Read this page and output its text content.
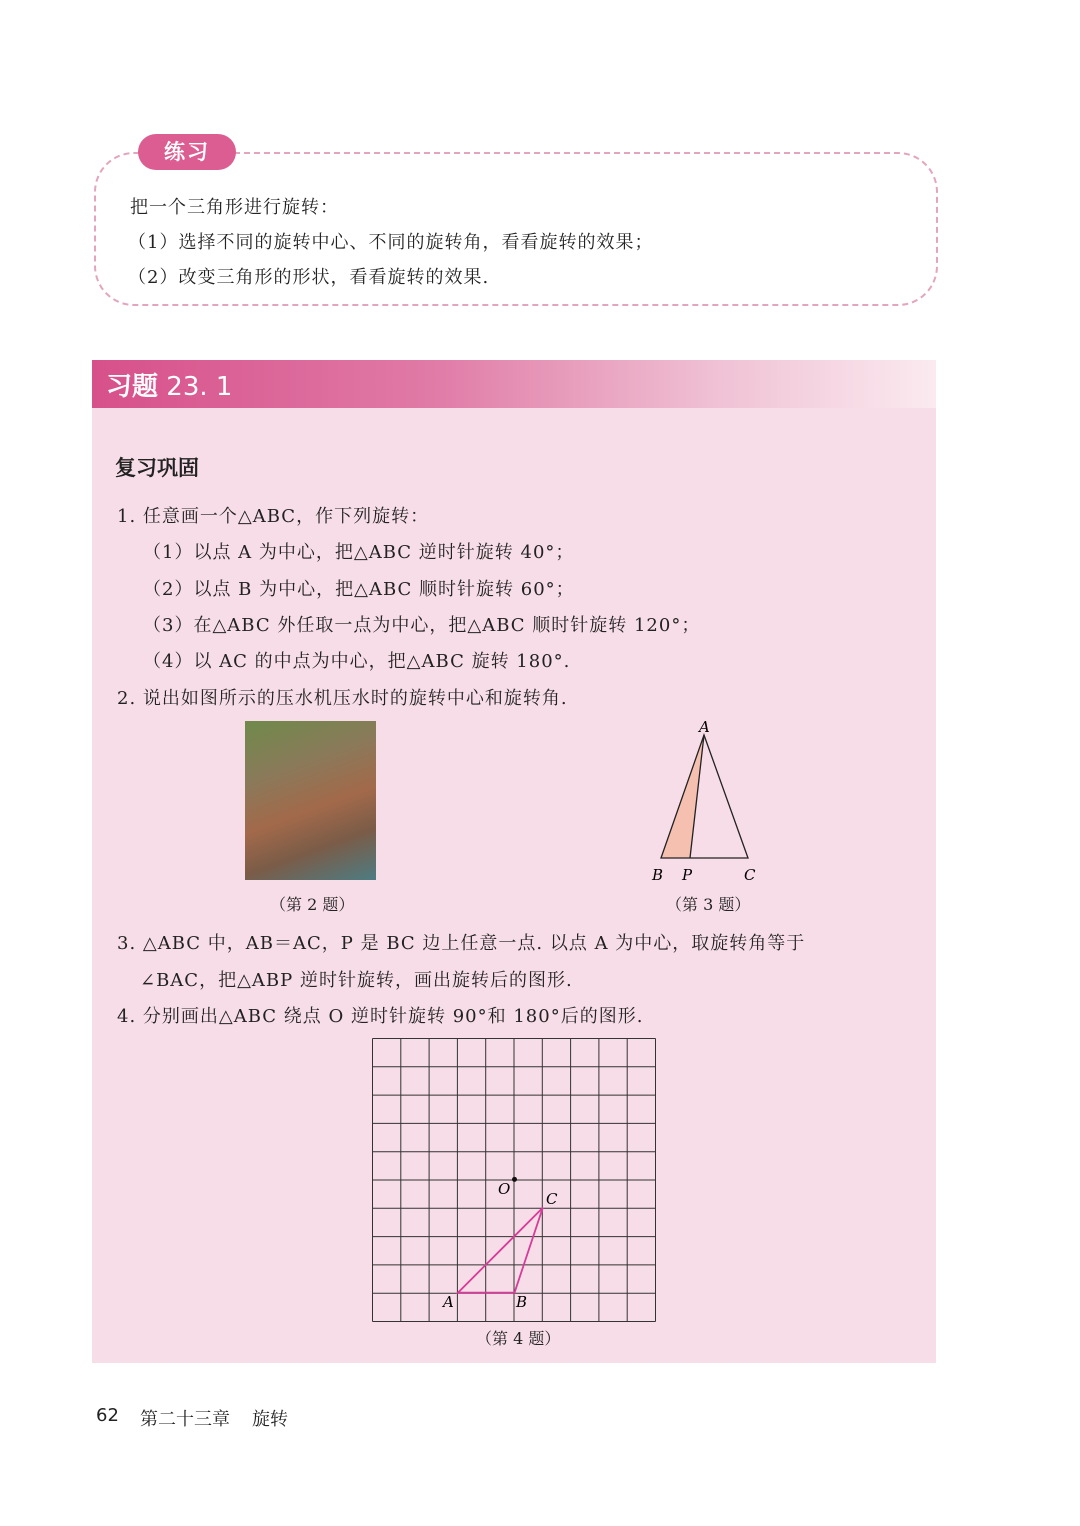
练习
把一个三角形进行旋转：
（1）选择不同的旋转中心、不同的旋转角，看看旋转的效果；
（2）改变三角形的形状，看看旋转的效果.
习题 23. 1
复习巩固
1. 任意画一个△ABC，作下列旋转：
（1）以点 A 为中心，把△ABC 逆时针旋转 40°；
（2）以点 B 为中心，把△ABC 顺时针旋转 60°；
（3）在△ABC 外任取一点为中心，把△ABC 顺时针旋转 120°；
（4）以 AC 的中点为中心，把△ABC 旋转 180°.
2. 说出如图所示的压水机压水时的旋转中心和旋转角.
（第 2 题）
A
B P	C
（第 3 题）
3. △ABC 中，AB＝AC，P 是 BC 边上任意一点. 以点 A 为中心，取旋转角等于
∠BAC，把△ABP 逆时针旋转，画出旋转后的图形.
4. 分别画出△ABC 绕点 O 逆时针旋转 90°和 180°后的图形.
O
C
A	B
（第 4 题）
62 第二十三章 旋转
